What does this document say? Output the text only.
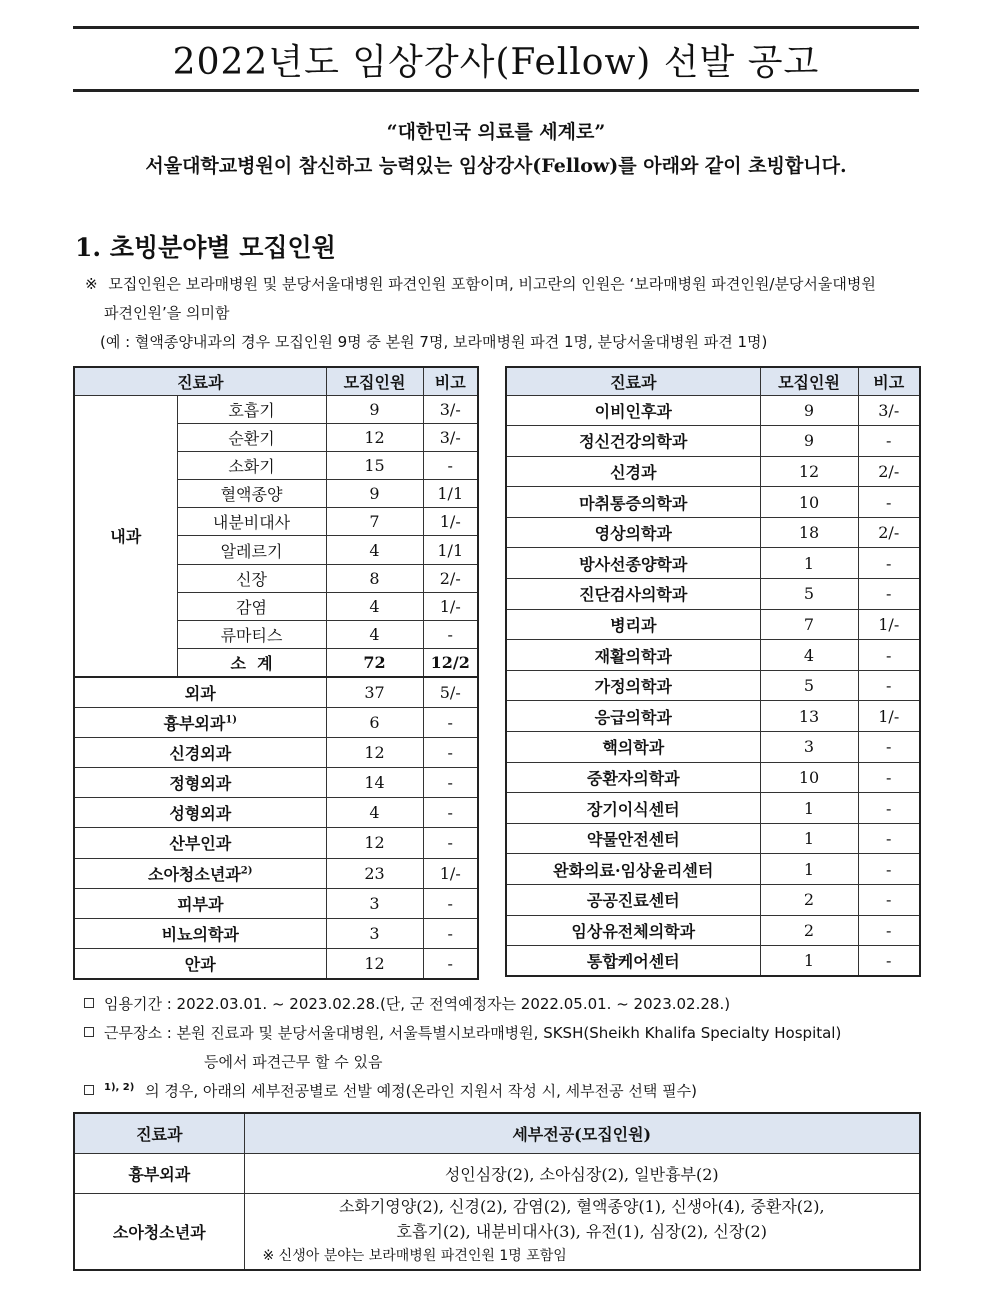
2022년도 임상강사(Fellow) 선발 공고
“대한민국 의료를 세계로”
서울대학교병원이 참신하고 능력있는 임상강사(Fellow)를 아래와 같이 초빙합니다.
1. 초빙분야별 모집인원
※ 모집인원은 보라매병원 및 분당서울대병원 파견인원 포함이며, 비고란의 인원은 ‘보라매병원 파견인원/분당서울대병원
파견인원’을 의미함
(예 : 혈액종양내과의 경우 모집인원 9명 중 본원 7명, 보라매병원 파견 1명, 분당서울대병원 파견 1명)
진료과		모집인원	비고
내과	호흡기	9	3/-
	순환기	12	3/-
	소화기	15	-
	혈액종양	9	1/1
	내분비대사	7	1/-
	알레르기	4	1/1
	신장	8	2/-
	감염	4	1/-
	류마티스	4	-
	소  계	72	12/2
외과		37	5/-
흉부외과$^{1)}$		6	-
신경외과		12	-
정형외과		14	-
성형외과		4	-
산부인과		12	-
소아청소년과$^{2)}$		23	1/-
피부과		3	-
비뇨의학과		3	-
안과		12	-
진료과	모집인원	비고
이비인후과	9	3/-
정신건강의학과	9	-
신경과	12	2/-
마취통증의학과	10	-
영상의학과	18	2/-
방사선종양학과	1	-
진단검사의학과	5	-
병리과	7	1/-
재활의학과	4	-
가정의학과	5	-
응급의학과	13	1/-
핵의학과	3	-
중환자의학과	10	-
장기이식센터	1	-
약물안전센터	1	-
완화의료·임상윤리센터	1	-
공공진료센터	2	-
임상유전체의학과	2	-
통합케어센터	1	-
임용기간 : 2022.03.01. ~ 2023.02.28.(단, 군 전역예정자는 2022.05.01. ~ 2023.02.28.)
근무장소 : 본원 진료과 및 분당서울대병원, 서울특별시보라매병원, SKSH(Sheikh Khalifa Specialty Hospital)
등에서 파견근무 할 수 있음
$^{1), 2)}$ 의 경우, 아래의 세부전공별로 선발 예정(온라인 지원서 작성 시, 세부전공 선택 필수)
진료과	세부전공(모집인원)
흉부외과	성인심장(2), 소아심장(2), 일반흉부(2)
소아청소년과	소화기영양(2), 신경(2), 감염(2), 혈액종양(1), 신생아(4), 중환자(2),
호흡기(2), 내분비대사(3), 유전(1), 심장(2), 신장(2)
※ 신생아 분야는 보라매병원 파견인원 1명 포함임
